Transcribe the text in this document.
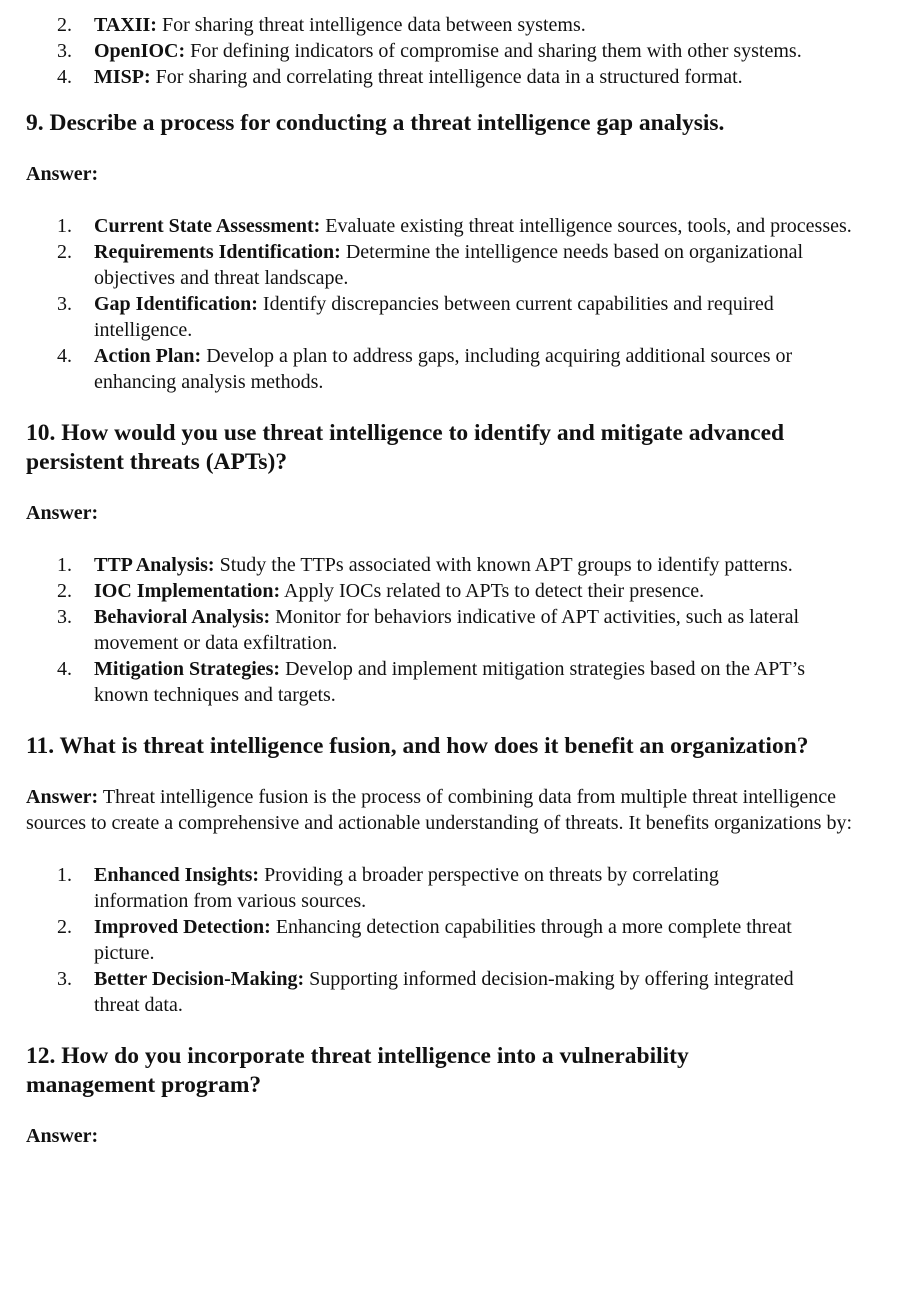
2. TAXII: For sharing threat intelligence data between systems.
3. OpenIOC: For defining indicators of compromise and sharing them with other systems.
4. MISP: For sharing and correlating threat intelligence data in a structured format.
9. Describe a process for conducting a threat intelligence gap analysis.

Answer:

1. Current State Assessment: Evaluate existing threat intelligence sources, tools, and processes.
2. Requirements Identification: Determine the intelligence needs based on organizational objectives and threat landscape.
3. Gap Identification: Identify discrepancies between current capabilities and required intelligence.
4. Action Plan: Develop a plan to address gaps, including acquiring additional sources or enhancing analysis methods.
10. How would you use threat intelligence to identify and mitigate advanced persistent threats (APTs)?

Answer:

1. TTP Analysis: Study the TTPs associated with known APT groups to identify patterns.
2. IOC Implementation: Apply IOCs related to APTs to detect their presence.
3. Behavioral Analysis: Monitor for behaviors indicative of APT activities, such as lateral movement or data exfiltration.
4. Mitigation Strategies: Develop and implement mitigation strategies based on the APT’s known techniques and targets.
11. What is threat intelligence fusion, and how does it benefit an organization?

Answer: Threat intelligence fusion is the process of combining data from multiple threat intelligence sources to create a comprehensive and actionable understanding of threats. It benefits organizations by:

1. Enhanced Insights: Providing a broader perspective on threats by correlating information from various sources.
2. Improved Detection: Enhancing detection capabilities through a more complete threat picture.
3. Better Decision-Making: Supporting informed decision-making by offering integrated threat data.
12. How do you incorporate threat intelligence into a vulnerability management program?

Answer:
